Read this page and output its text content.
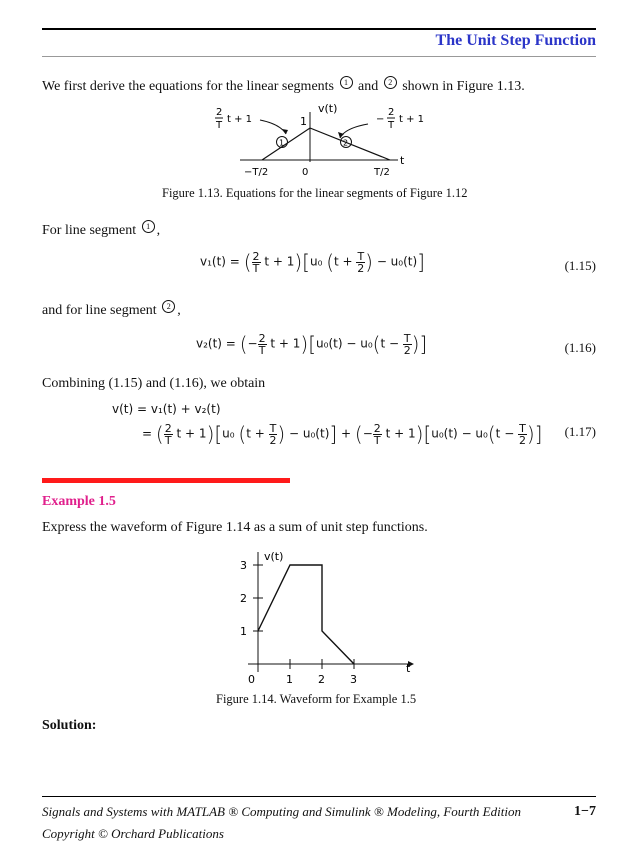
The Unit Step Function
We first derive the equations for the linear segments 1 and 2 shown in Figure 1.13.
v(t)
t
1
2
T
t + 1	−
2
T
t + 1
1	2
−T/2	0	T/2
Figure 1.13. Equations for the linear segments of Figure 1.12
For line segment 1 ,
v₁(t) = ( $\frac{2}{T}$ t + 1)[u₀ ($t + \frac{T}{2}$ ) − u₀(t)]	(1.15)
and for line segment 2 ,
v₂(t) = (− $\frac{2}{T}$ $t + 1)[u_0(t) - u_0(t - \frac{T}{2}$ )]	(1.16)
Combining (1.15) and (1.16), we obtain
v(t) = v₁(t) + v₂(t)
= ( $\frac{2}{T}$ t + 1)[u₀ ($t + \frac{T}{2}$ ) − u₀(t)] + (− $\frac{2}{T}$ $t + 1)[u_0(t) - u_0(t - \frac{T}{2}$ )] (1.17)
Example 1.5
Express the waveform of Figure 1.14 as a sum of unit step functions.
v(t)
t
0	1 2 3
1
2
3
Figure 1.14. Waveform for Example 1.5
Solution:
Signals and Systems with MATLAB ® Computing and Simulink ® Modeling, Fourth Edition	1−7
Copyright © Orchard Publications
